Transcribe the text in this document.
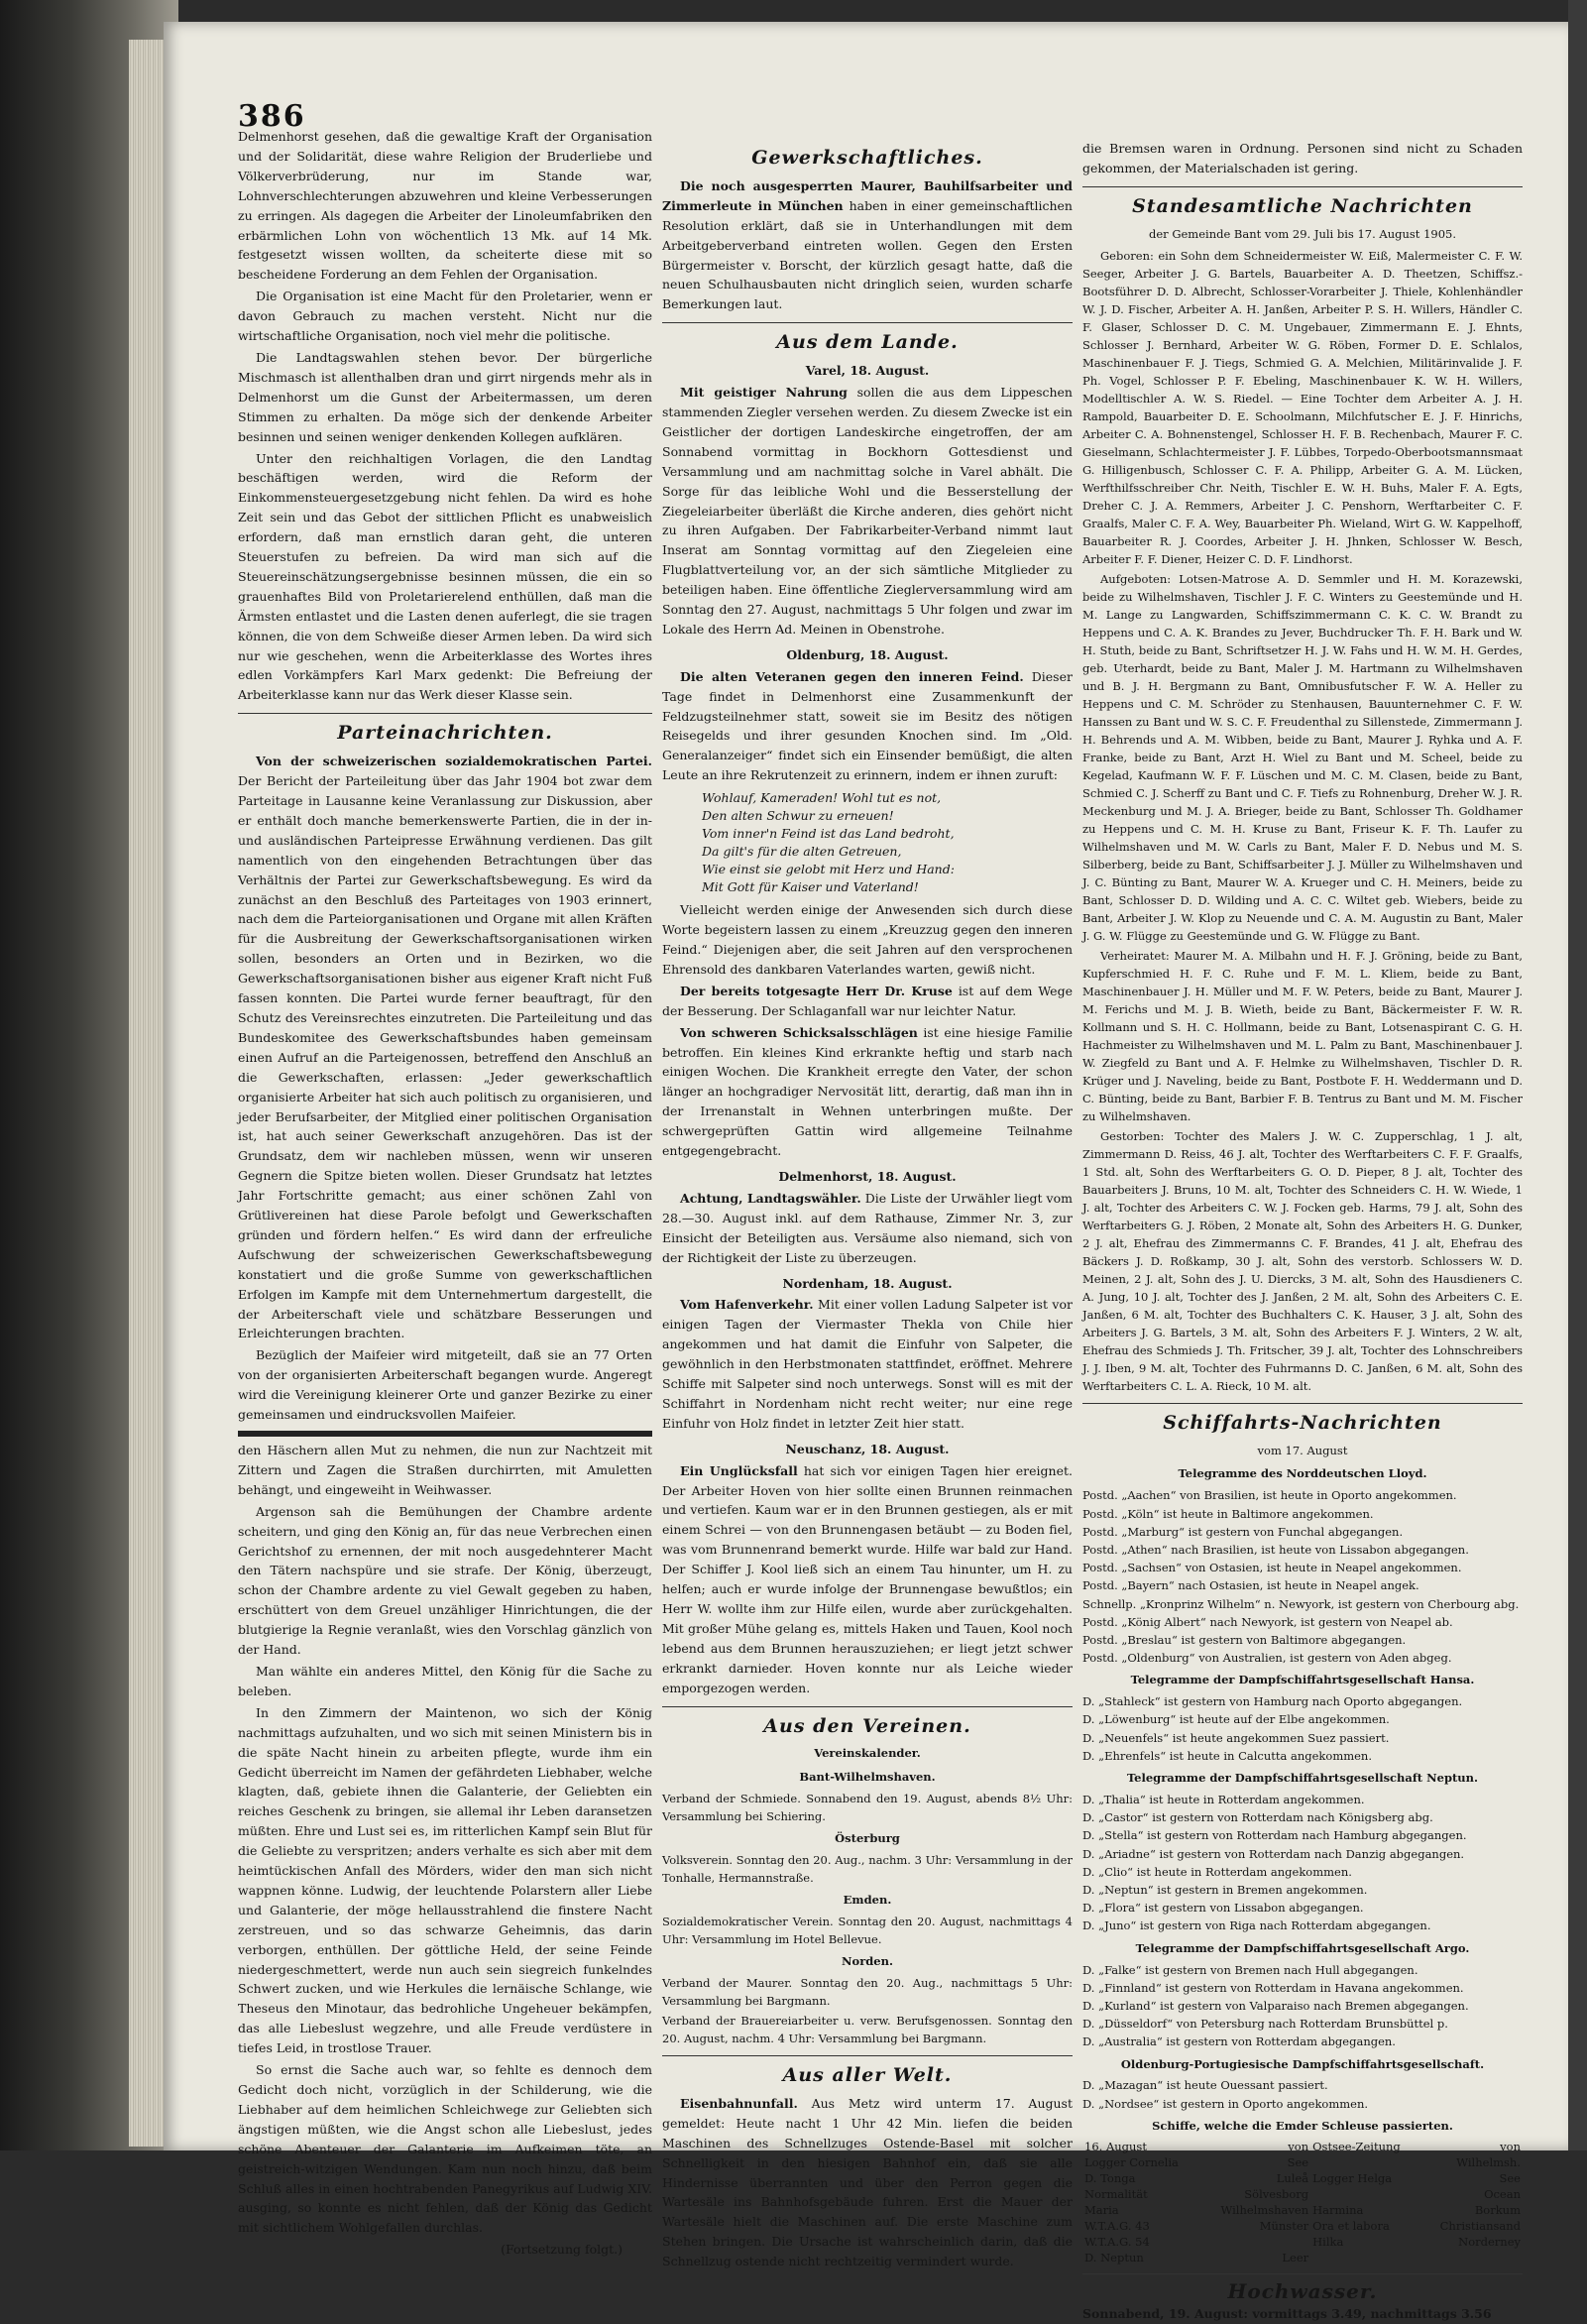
386

Delmenhorst gesehen, daß die gewaltige Kraft der Organisation und der Solidarität, diese wahre Religion der Bruderliebe und Völkerverbrüderung, nur im Stande war, Lohnverschlechterungen abzuwehren und kleine Verbesserungen zu erringen. Als dagegen die Arbeiter der Linoleumfabriken den erbärmlichen Lohn von wöchentlich 13 Mk. auf 14 Mk. festgesetzt wissen wollten, da scheiterte diese mit so bescheidene Forderung an dem Fehlen der Organisation.

Die Organisation ist eine Macht für den Proletarier, wenn er davon Gebrauch zu machen versteht. Nicht nur die wirtschaftliche Organisation, noch viel mehr die politische.

Die Landtagswahlen stehen bevor. Der bürgerliche Mischmasch ist allenthalben dran und girrt nirgends mehr als in Delmenhorst um die Gunst der Arbeitermassen, um deren Stimmen zu erhalten. Da möge sich der denkende Arbeiter besinnen und seinen weniger denkenden Kollegen aufklären.

Unter den reichhaltigen Vorlagen, die den Landtag beschäftigen werden, wird die Reform der Einkommensteuergesetzgebung nicht fehlen. Da wird es hohe Zeit sein und das Gebot der sittlichen Pflicht es unabweislich erfordern, daß man ernstlich daran geht, die unteren Steuerstufen zu befreien. Da wird man sich auf die Steuereinschätzungsergebnisse besinnen müssen, die ein so grauenhaftes Bild von Proletarierelend enthüllen, daß man die Ärmsten entlastet und die Lasten denen auferlegt, die sie tragen können, die von dem Schweiße dieser Armen leben. Da wird sich nur wie geschehen, wenn die Arbeiterklasse des Wortes ihres edlen Vorkämpfers Karl Marx gedenkt: Die Befreiung der Arbeiterklasse kann nur das Werk dieser Klasse sein.

Parteinachrichten.

Von der schweizerischen sozialdemokratischen Partei. Der Bericht der Parteileitung über das Jahr 1904 bot zwar dem Parteitage in Lausanne keine Veranlassung zur Diskussion, aber er enthält doch manche bemerkenswerte Partien, die in der in- und ausländischen Parteipresse Erwähnung verdienen. Das gilt namentlich von den eingehenden Betrachtungen über das Verhältnis der Partei zur Gewerkschaftsbewegung. Es wird da zunächst an den Beschluß des Parteitages von 1903 erinnert, nach dem die Parteiorganisationen und Organe mit allen Kräften für die Ausbreitung der Gewerkschaftsorganisationen wirken sollen, besonders an Orten und in Bezirken, wo die Gewerkschaftsorganisationen bisher aus eigener Kraft nicht Fuß fassen konnten. Die Partei wurde ferner beauftragt, für den Schutz des Vereinsrechtes einzutreten. Die Parteileitung und das Bundeskomitee des Gewerkschaftsbundes haben gemeinsam einen Aufruf an die Parteigenossen, betreffend den Anschluß an die Gewerkschaften, erlassen: „Jeder gewerkschaftlich organisierte Arbeiter hat sich auch politisch zu organisieren, und jeder Berufsarbeiter, der Mitglied einer politischen Organisation ist, hat auch seiner Gewerkschaft anzugehören. Das ist der Grundsatz, dem wir nachleben müssen, wenn wir unseren Gegnern die Spitze bieten wollen. Dieser Grundsatz hat letztes Jahr Fortschritte gemacht; aus einer schönen Zahl von Grütlivereinen hat diese Parole befolgt und Gewerkschaften gründen und fördern helfen.“ Es wird dann der erfreuliche Aufschwung der schweizerischen Gewerkschaftsbewegung konstatiert und die große Summe von gewerkschaftlichen Erfolgen im Kampfe mit dem Unternehmertum dargestellt, die der Arbeiterschaft viele und schätzbare Besserungen und Erleichterungen brachten.

Bezüglich der Maifeier wird mitgeteilt, daß sie an 77 Orten von der organisierten Arbeiterschaft begangen wurde. Angeregt wird die Vereinigung kleinerer Orte und ganzer Bezirke zu einer gemeinsamen und eindrucksvollen Maifeier.

den Häschern allen Mut zu nehmen, die nun zur Nachtzeit mit Zittern und Zagen die Straßen durchirrten, mit Amuletten behängt, und eingeweiht in Weihwasser.

Argenson sah die Bemühungen der Chambre ardente scheitern, und ging den König an, für das neue Verbrechen einen Gerichtshof zu ernennen, der mit noch ausgedehnterer Macht den Tätern nachspüre und sie strafe. Der König, überzeugt, schon der Chambre ardente zu viel Gewalt gegeben zu haben, erschüttert von dem Greuel unzähliger Hinrichtungen, die der blutgierige la Regnie veranlaßt, wies den Vorschlag gänzlich von der Hand.

Man wählte ein anderes Mittel, den König für die Sache zu beleben.

In den Zimmern der Maintenon, wo sich der König nachmittags aufzuhalten, und wo sich mit seinen Ministern bis in die späte Nacht hinein zu arbeiten pflegte, wurde ihm ein Gedicht überreicht im Namen der gefährdeten Liebhaber, welche klagten, daß, gebiete ihnen die Galanterie, der Geliebten ein reiches Geschenk zu bringen, sie allemal ihr Leben daransetzen müßten. Ehre und Lust sei es, im ritterlichen Kampf sein Blut für die Geliebte zu verspritzen; anders verhalte es sich aber mit dem heimtückischen Anfall des Mörders, wider den man sich nicht wappnen könne. Ludwig, der leuchtende Polarstern aller Liebe und Galanterie, der möge hellausstrahlend die finstere Nacht zerstreuen, und so das schwarze Geheimnis, das darin verborgen, enthüllen. Der göttliche Held, der seine Feinde niedergeschmettert, werde nun auch sein siegreich funkelndes Schwert zucken, und wie Herkules die lernäische Schlange, wie Theseus den Minotaur, das bedrohliche Ungeheuer bekämpfen, das alle Liebeslust wegzehre, und alle Freude verdüstere in tiefes Leid, in trostlose Trauer.

So ernst die Sache auch war, so fehlte es dennoch dem Gedicht doch nicht, vorzüglich in der Schilderung, wie die Liebhaber auf dem heimlichen Schleichwege zur Geliebten sich ängstigen müßten, wie die Angst schon alle Liebeslust, jedes schöne Abenteuer der Galanterie im Aufkeimen töte, an geistreich-witzigen Wendungen. Kam nun noch hinzu, daß beim Schluß alles in einen hochtrabenden Panegyrikus auf Ludwig XIV. ausging, so konnte es nicht fehlen, daß der König das Gedicht mit sichtlichem Wohlgefallen durchlas.

(Fortsetzung folgt.)
Gewerkschaftliches.

Die noch ausgesperrten Maurer, Bauhilfsarbeiter und Zimmerleute in München haben in einer gemeinschaftlichen Resolution erklärt, daß sie in Unterhandlungen mit dem Arbeitgeberverband eintreten wollen. Gegen den Ersten Bürgermeister v. Borscht, der kürzlich gesagt hatte, daß die neuen Schulhausbauten nicht dringlich seien, wurden scharfe Bemerkungen laut.

Aus dem Lande.
Varel, 18. August.

Mit geistiger Nahrung sollen die aus dem Lippeschen stammenden Ziegler versehen werden. Zu diesem Zwecke ist ein Geistlicher der dortigen Landeskirche eingetroffen, der am Sonnabend vormittag in Bockhorn Gottesdienst und Versammlung und am nachmittag solche in Varel abhält. Die Sorge für das leibliche Wohl und die Besserstellung der Ziegeleiarbeiter überläßt die Kirche anderen, dies gehört nicht zu ihren Aufgaben. Der Fabrikarbeiter-Verband nimmt laut Inserat am Sonntag vormittag auf den Ziegeleien eine Flugblattverteilung vor, an der sich sämtliche Mitglieder zu beteiligen haben. Eine öffentliche Zieglerversammlung wird am Sonntag den 27. August, nachmittags 5 Uhr folgen und zwar im Lokale des Herrn Ad. Meinen in Obenstrohe.

Oldenburg, 18. August.

Die alten Veteranen gegen den inneren Feind. Dieser Tage findet in Delmenhorst eine Zusammenkunft der Feldzugsteilnehmer statt, soweit sie im Besitz des nötigen Reisegelds und ihrer gesunden Knochen sind. Im „Old. Generalanzeiger“ findet sich ein Einsender bemüßigt, die alten Leute an ihre Rekrutenzeit zu erinnern, indem er ihnen zuruft:

Wohlauf, Kameraden! Wohl tut es not,
Den alten Schwur zu erneuen!
Vom inner'n Feind ist das Land bedroht,
Da gilt's für die alten Getreuen,
Wie einst sie gelobt mit Herz und Hand:
Mit Gott für Kaiser und Vaterland!

Vielleicht werden einige der Anwesenden sich durch diese Worte begeistern lassen zu einem „Kreuzzug gegen den inneren Feind.“ Diejenigen aber, die seit Jahren auf den versprochenen Ehrensold des dankbaren Vaterlandes warten, gewiß nicht.

Der bereits totgesagte Herr Dr. Kruse ist auf dem Wege der Besserung. Der Schlaganfall war nur leichter Natur.

Von schweren Schicksalsschlägen ist eine hiesige Familie betroffen. Ein kleines Kind erkrankte heftig und starb nach einigen Wochen. Die Krankheit erregte den Vater, der schon länger an hochgradiger Nervosität litt, derartig, daß man ihn in der Irrenanstalt in Wehnen unterbringen mußte. Der schwergeprüften Gattin wird allgemeine Teilnahme entgegengebracht.

Delmenhorst, 18. August.

Achtung, Landtagswähler. Die Liste der Urwähler liegt vom 28.—30. August inkl. auf dem Rathause, Zimmer Nr. 3, zur Einsicht der Beteiligten aus. Versäume also niemand, sich von der Richtigkeit der Liste zu überzeugen.

Nordenham, 18. August.

Vom Hafenverkehr. Mit einer vollen Ladung Salpeter ist vor einigen Tagen der Viermaster Thekla von Chile hier angekommen und hat damit die Einfuhr von Salpeter, die gewöhnlich in den Herbstmonaten stattfindet, eröffnet. Mehrere Schiffe mit Salpeter sind noch unterwegs. Sonst will es mit der Schiffahrt in Nordenham nicht recht weiter; nur eine rege Einfuhr von Holz findet in letzter Zeit hier statt.

Neuschanz, 18. August.

Ein Unglücksfall hat sich vor einigen Tagen hier ereignet. Der Arbeiter Hoven von hier sollte einen Brunnen reinmachen und vertiefen. Kaum war er in den Brunnen gestiegen, als er mit einem Schrei — von den Brunnengasen betäubt — zu Boden fiel, was vom Brunnenrand bemerkt wurde. Hilfe war bald zur Hand. Der Schiffer J. Kool ließ sich an einem Tau hinunter, um H. zu helfen; auch er wurde infolge der Brunnengase bewußtlos; ein Herr W. wollte ihm zur Hilfe eilen, wurde aber zurückgehalten. Mit großer Mühe gelang es, mittels Haken und Tauen, Kool noch lebend aus dem Brunnen herauszuziehen; er liegt jetzt schwer erkrankt darnieder. Hoven konnte nur als Leiche wieder emporgezogen werden.

Aus den Vereinen.
Vereinskalender.
Bant-Wilhelmshaven.

Verband der Schmiede. Sonnabend den 19. August, abends 8½ Uhr: Versammlung bei Schiering.

Österburg

Volksverein. Sonntag den 20. Aug., nachm. 3 Uhr: Versammlung in der Tonhalle, Hermannstraße.

Emden.

Sozialdemokratischer Verein. Sonntag den 20. August, nachmittags 4 Uhr: Versammlung im Hotel Bellevue.

Norden.

Verband der Maurer. Sonntag den 20. Aug., nachmittags 5 Uhr: Versammlung bei Bargmann.

Verband der Brauereiarbeiter u. verw. Berufsgenossen. Sonntag den 20. August, nachm. 4 Uhr: Versammlung bei Bargmann.

Aus aller Welt.

Eisenbahnunfall. Aus Metz wird unterm 17. August gemeldet: Heute nacht 1 Uhr 42 Min. liefen die beiden Maschinen des Schnellzuges Ostende-Basel mit solcher Schnelligkeit in den hiesigen Bahnhof ein, daß sie alle Hindernisse überrannten und über den Perron gegen die Wartesäle ins Bahnhofsgebäude fuhren. Erst die Mauer der Wartesäle hielt die Maschinen auf. Die erste Maschine zum Stehen bringen. Die Ursache ist wahrscheinlich darin, daß die Schnellzug ostende nicht rechtzeitig vermindert wurde.

die Bremsen waren in Ordnung. Personen sind nicht zu Schaden gekommen, der Materialschaden ist gering.

Standesamtliche Nachrichten
der Gemeinde Bant vom 29. Juli bis 17. August 1905.

Geboren: ein Sohn dem Schneidermeister W. Eiß, Malermeister C. F. W. Seeger, Arbeiter J. G. Bartels, Bauarbeiter A. D. Theetzen, Schiffsz.-Bootsführer D. D. Albrecht, Schlosser-Vorarbeiter J. Thiele, Kohlenhändler W. J. D. Fischer, Arbeiter A. H. Janßen, Arbeiter P. S. H. Willers, Händler C. F. Glaser, Schlosser D. C. M. Ungebauer, Zimmermann E. J. Ehnts, Schlosser J. Bernhard, Arbeiter W. G. Röben, Former D. E. Schlalos, Maschinenbauer F. J. Tiegs, Schmied G. A. Melchien, Militärinvalide J. F. Ph. Vogel, Schlosser P. F. Ebeling, Maschinenbauer K. W. H. Willers, Modelltischler A. W. S. Riedel. — Eine Tochter dem Arbeiter A. J. H. Rampold, Bauarbeiter D. E. Schoolmann, Milchfutscher E. J. F. Hinrichs, Arbeiter C. A. Bohnenstengel, Schlosser H. F. B. Rechenbach, Maurer F. C. Gieselmann, Schlachtermeister J. F. Lübbes, Torpedo-Oberbootsmannsmaat G. Hilligenbusch, Schlosser C. F. A. Philipp, Arbeiter G. A. M. Lücken, Werfthilfsschreiber Chr. Neith, Tischler E. W. H. Buhs, Maler F. A. Egts, Dreher C. J. A. Remmers, Arbeiter J. C. Penshorn, Werftarbeiter C. F. Graalfs, Maler C. F. A. Wey, Bauarbeiter Ph. Wieland, Wirt G. W. Kappelhoff, Bauarbeiter R. J. Coordes, Arbeiter J. H. Jhnken, Schlosser W. Besch, Arbeiter F. F. Diener, Heizer C. D. F. Lindhorst.

Aufgeboten: Lotsen-Matrose A. D. Semmler und H. M. Korazewski, beide zu Wilhelmshaven, Tischler J. F. C. Winters zu Geestemünde und H. M. Lange zu Langwarden, Schiffszimmermann C. K. C. W. Brandt zu Heppens und C. A. K. Brandes zu Jever, Buchdrucker Th. F. H. Bark und W. H. Stuth, beide zu Bant, Schriftsetzer H. J. W. Fahs und H. W. M. H. Gerdes, geb. Uterhardt, beide zu Bant, Maler J. M. Hartmann zu Wilhelmshaven und B. J. H. Bergmann zu Bant, Omnibusfutscher F. W. A. Heller zu Heppens und C. M. Schröder zu Stenhausen, Bauunternehmer C. F. W. Hanssen zu Bant und W. S. C. F. Freudenthal zu Sillenstede, Zimmermann J. H. Behrends und A. M. Wibben, beide zu Bant, Maurer J. Ryhka und A. F. Franke, beide zu Bant, Arzt H. Wiel zu Bant und M. Scheel, beide zu Kegelad, Kaufmann W. F. F. Lüschen und M. C. M. Clasen, beide zu Bant, Schmied C. J. Scherff zu Bant und C. F. Tiefs zu Rohnenburg, Dreher W. J. R. Meckenburg und M. J. A. Brieger, beide zu Bant, Schlosser Th. Goldhamer zu Heppens und C. M. H. Kruse zu Bant, Friseur K. F. Th. Laufer zu Wilhelmshaven und M. W. Carls zu Bant, Maler F. D. Nebus und M. S. Silberberg, beide zu Bant, Schiffsarbeiter J. J. Müller zu Wilhelmshaven und J. C. Bünting zu Bant, Maurer W. A. Krueger und C. H. Meiners, beide zu Bant, Schlosser D. D. Wilding und A. C. C. Wiltet geb. Wiebers, beide zu Bant, Arbeiter J. W. Klop zu Neuende und C. A. M. Augustin zu Bant, Maler J. G. W. Flügge zu Geestemünde und G. W. Flügge zu Bant.

Verheiratet: Maurer M. A. Milbahn und H. F. J. Gröning, beide zu Bant, Kupferschmied H. F. C. Ruhe und F. M. L. Kliem, beide zu Bant, Maschinenbauer J. H. Müller und M. F. W. Peters, beide zu Bant, Maurer J. M. Ferichs und M. J. B. Wieth, beide zu Bant, Bäckermeister F. W. R. Kollmann und S. H. C. Hollmann, beide zu Bant, Lotsenaspirant C. G. H. Hachmeister zu Wilhelmshaven und M. L. Palm zu Bant, Maschinenbauer J. W. Ziegfeld zu Bant und A. F. Helmke zu Wilhelmshaven, Tischler D. R. Krüger und J. Naveling, beide zu Bant, Postbote F. H. Weddermann und D. C. Bünting, beide zu Bant, Barbier F. B. Tentrus zu Bant und M. M. Fischer zu Wilhelmshaven.

Gestorben: Tochter des Malers J. W. C. Zupperschlag, 1 J. alt, Zimmermann D. Reiss, 46 J. alt, Tochter des Werftarbeiters C. F. F. Graalfs, 1 Std. alt, Sohn des Werftarbeiters G. O. D. Pieper, 8 J. alt, Tochter des Bauarbeiters J. Bruns, 10 M. alt, Tochter des Schneiders C. H. W. Wiede, 1 J. alt, Tochter des Arbeiters C. W. J. Focken geb. Harms, 79 J. alt, Sohn des Werftarbeiters G. J. Röben, 2 Monate alt, Sohn des Arbeiters H. G. Dunker, 2 J. alt, Ehefrau des Zimmermanns C. F. Brandes, 41 J. alt, Ehefrau des Bäckers J. D. Roßkamp, 30 J. alt, Sohn des verstorb. Schlossers W. D. Meinen, 2 J. alt, Sohn des J. U. Diercks, 3 M. alt, Sohn des Hausdieners C. A. Jung, 10 J. alt, Tochter des J. Janßen, 2 M. alt, Sohn des Arbeiters C. E. Janßen, 6 M. alt, Tochter des Buchhalters C. K. Hauser, 3 J. alt, Sohn des Arbeiters J. G. Bartels, 3 M. alt, Sohn des Arbeiters F. J. Winters, 2 W. alt, Ehefrau des Schmieds J. Th. Fritscher, 39 J. alt, Tochter des Lohnschreibers J. J. Iben, 9 M. alt, Tochter des Fuhrmanns D. C. Janßen, 6 M. alt, Sohn des Werftarbeiters C. L. A. Rieck, 10 M. alt.

Schiffahrts-Nachrichten
vom 17. August
Telegramme des Norddeutschen Lloyd.
Postd. „Aachen“ von Brasilien, ist heute in Oporto angekommen.
Postd. „Köln“ ist heute in Baltimore angekommen.
Postd. „Marburg“ ist gestern von Funchal abgegangen.
Postd. „Athen“ nach Brasilien, ist heute von Lissabon abgegangen.
Postd. „Sachsen“ von Ostasien, ist heute in Neapel angekommen.
Postd. „Bayern“ nach Ostasien, ist heute in Neapel angek.
Schnellp. „Kronprinz Wilhelm“ n. Newyork, ist gestern von Cherbourg abg.
Postd. „König Albert“ nach Newyork, ist gestern von Neapel ab.
Postd. „Breslau“ ist gestern von Baltimore abgegangen.
Postd. „Oldenburg“ von Australien, ist gestern von Aden abgeg.
Telegramme der Dampfschiffahrtsgesellschaft Hansa.
D. „Stahleck“ ist gestern von Hamburg nach Oporto abgegangen.
D. „Löwenburg“ ist heute auf der Elbe angekommen.
D. „Neuenfels“ ist heute angekommen Suez passiert.
D. „Ehrenfels“ ist heute in Calcutta angekommen.
Telegramme der Dampfschiffahrtsgesellschaft Neptun.
D. „Thalia“ ist heute in Rotterdam angekommen.
D. „Castor“ ist gestern von Rotterdam nach Königsberg abg.
D. „Stella“ ist gestern von Rotterdam nach Hamburg abgegangen.
D. „Ariadne“ ist gestern von Rotterdam nach Danzig abgegangen.
D. „Clio“ ist heute in Rotterdam angekommen.
D. „Neptun“ ist gestern in Bremen angekommen.
D. „Flora“ ist gestern von Lissabon abgegangen.
D. „Juno“ ist gestern von Riga nach Rotterdam abgegangen.
Telegramme der Dampfschiffahrtsgesellschaft Argo.
D. „Falke“ ist gestern von Bremen nach Hull abgegangen.
D. „Finnland“ ist gestern von Rotterdam in Havana angekommen.
D. „Kurland“ ist gestern von Valparaiso nach Bremen abgegangen.
D. „Düsseldorf“ von Petersburg nach Rotterdam Brunsbüttel p.
D. „Australia“ ist gestern von Rotterdam abgegangen.
Oldenburg-Portugiesische Dampfschiffahrtsgesellschaft.
D. „Mazagan“ ist heute Ouessant passiert.
D. „Nordsee“ ist gestern in Oporto angekommen.
Schiffe, welche die Emder Schleuse passierten.
16. August	von	Ostsee-Zeitung	von
Logger Cornelia	See		Wilhelmsh.
D. Tonga	Luleå	Logger Helga	See
Normalität	Sölvesborg		Ocean
Maria	Wilhelmshaven	Harmina	Borkum
W.T.A.G. 43	Münster	Ora et labora	Christiansand
W.T.A.G. 54		Hilka	Norderney
D. Neptun	Leer		
Hochwasser.
Sonnabend, 19. August: vormittags 3.49, nachmittags 3.56
